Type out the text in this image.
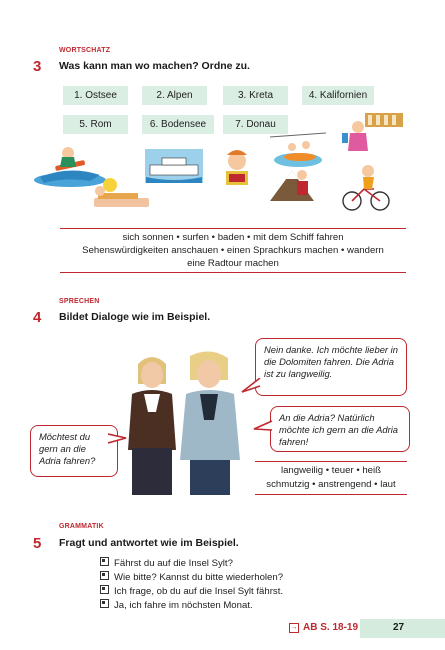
WORTSCHATZ
3 Was kann man wo machen? Ordne zu.
1. Ostsee	2. Alpen	3. Kreta	4. Kalifornien
5. Rom	6. Bodensee	7. Donau
sich sonnen • surfen • baden • mit dem Schiff fahren
Sehenswürdigkeiten anschauen • einen Sprachkurs machen • wandern
eine Radtour machen
SPRECHEN
4 Bildet Dialoge wie im Beispiel.
Möchtest du gern an die Adria fahren?
Nein danke. Ich möchte lieber in die Dolomiten fahren. Die Adria ist zu langweilig.
An die Adria? Natürlich möchte ich gern an die Adria fahren!
langweilig • teuer • heiß
schmutzig • anstrengend • laut
GRAMMATIK
5 Fragt und antwortet wie im Beispiel.
Fährst du auf die Insel Sylt?
Wie bitte? Kannst du bitte wiederholen?
Ich frage, ob du auf die Insel Sylt fährst.
Ja, ich fahre im nöchsten Monat.
→ AB S. 18-19	27
